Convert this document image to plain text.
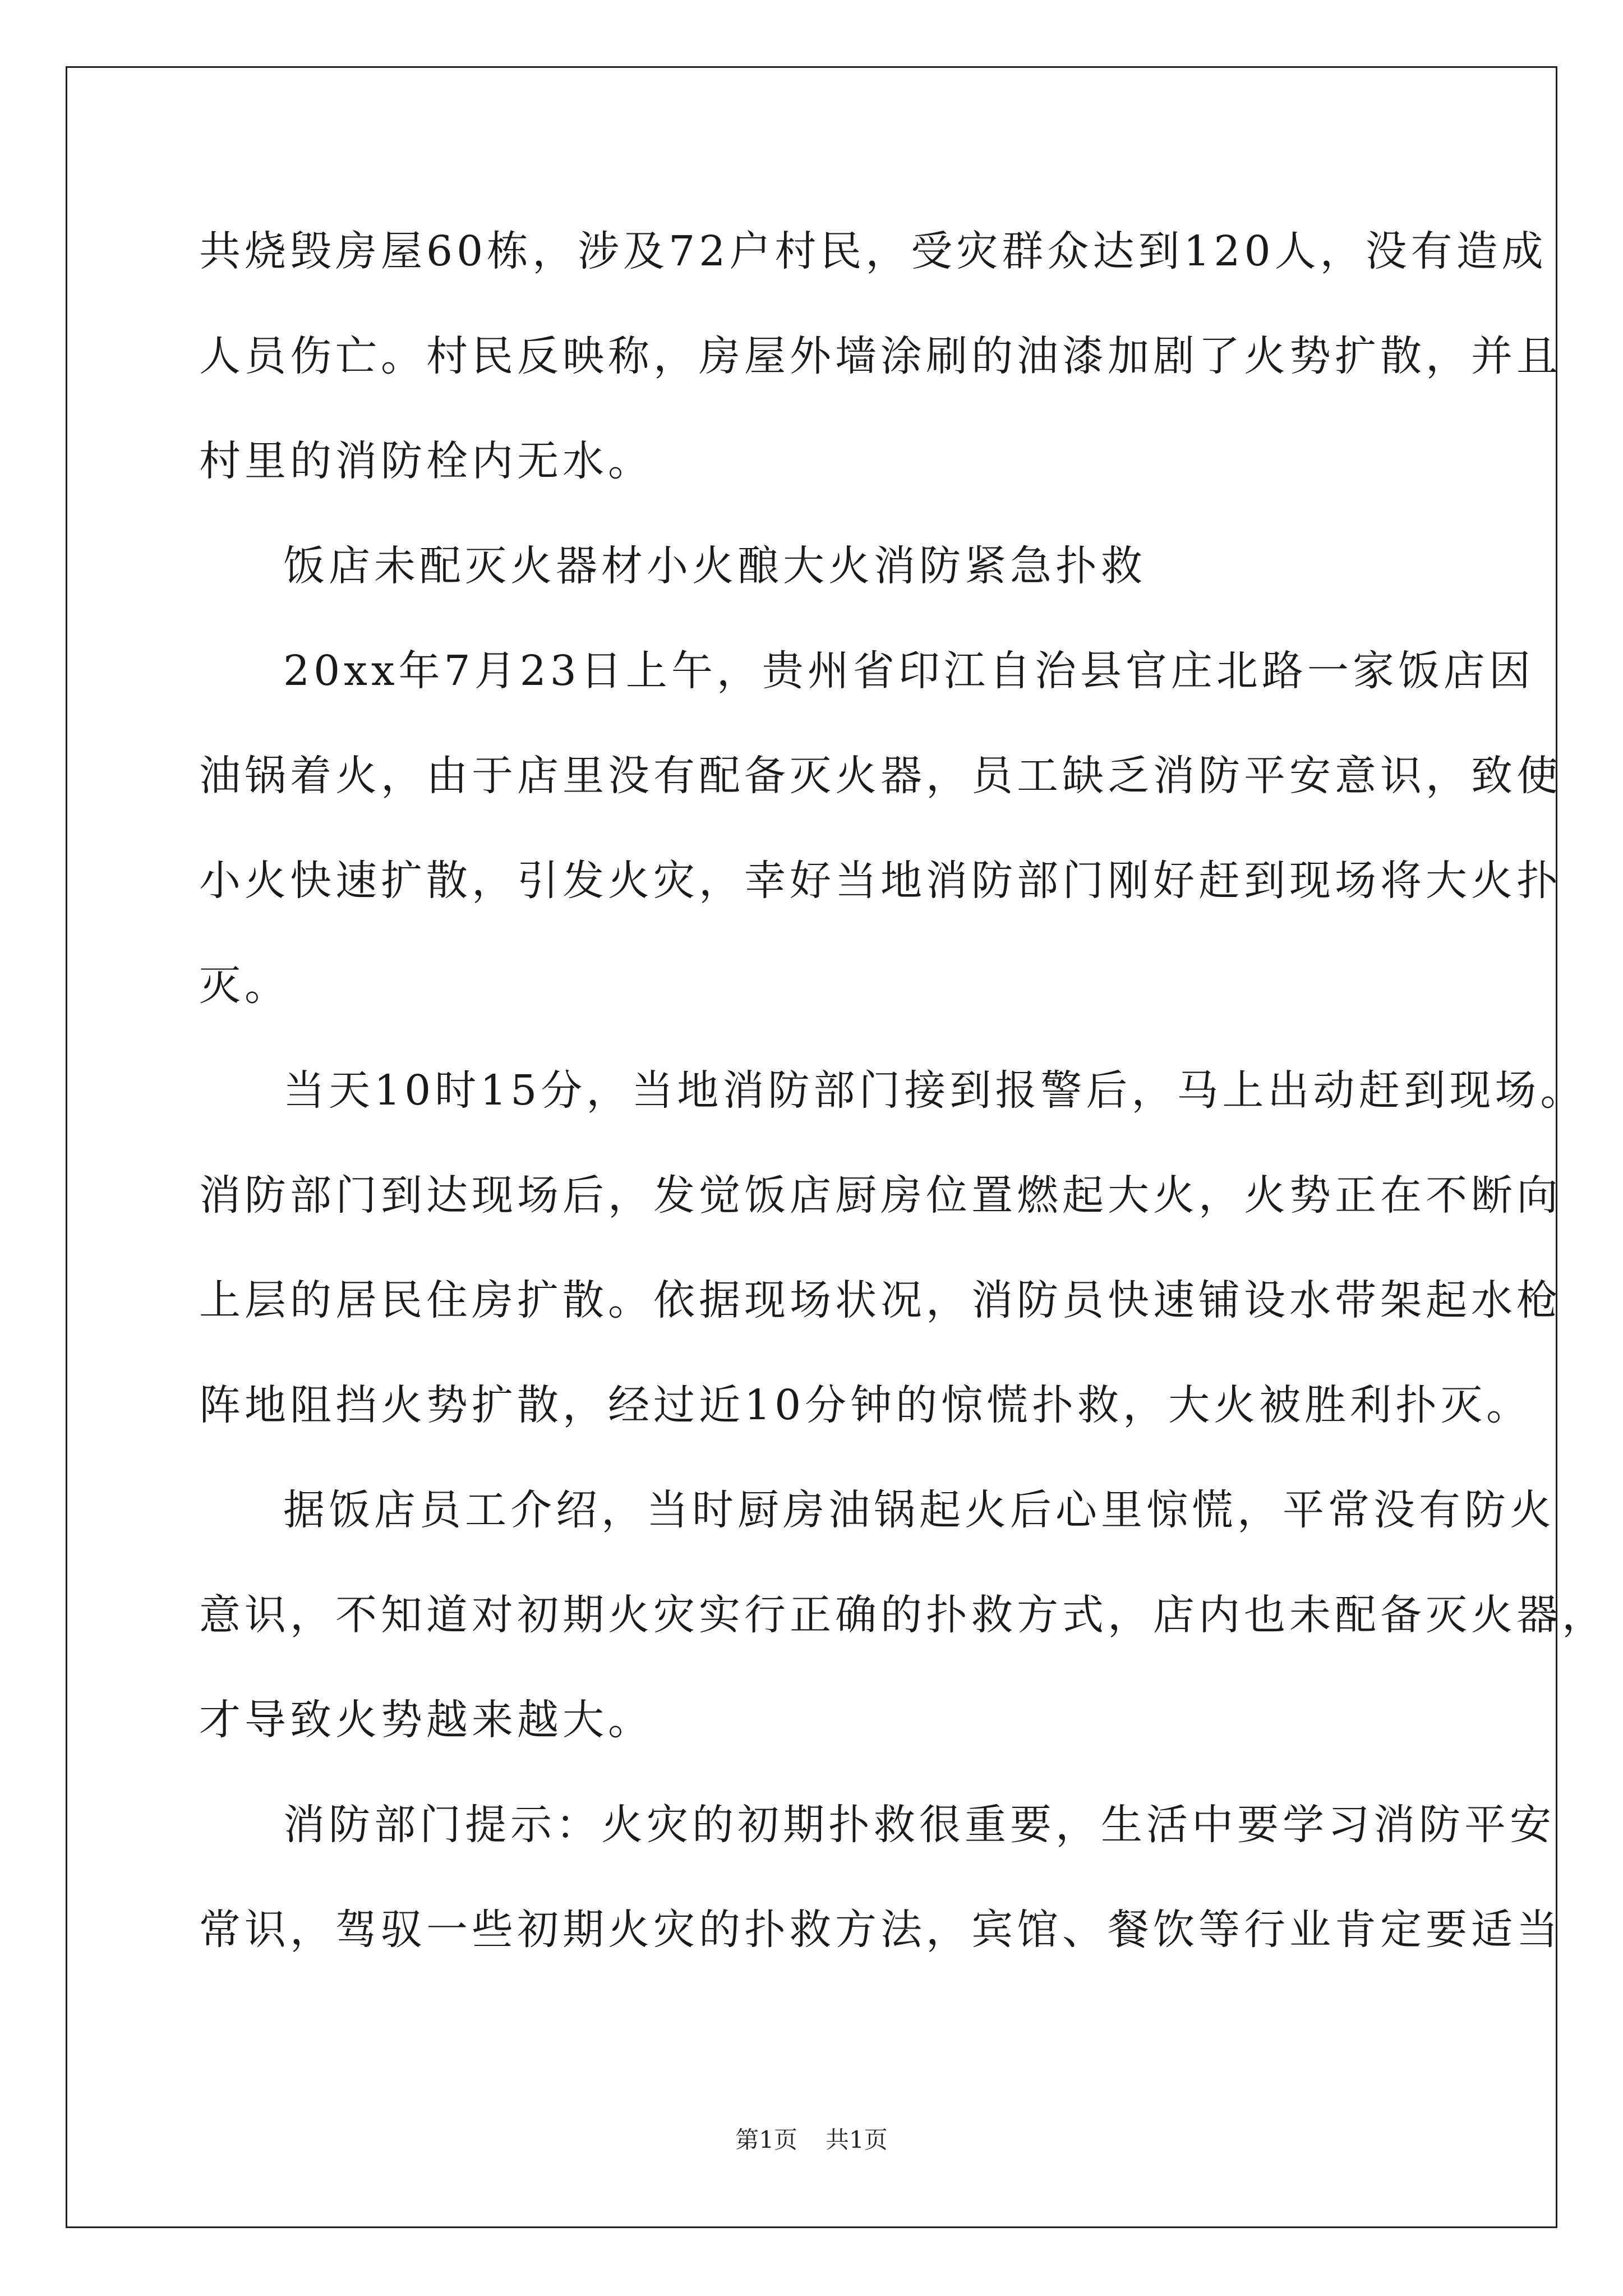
共烧毁房屋60栋，涉及72户村民，受灾群众达到120人，没有造成
人员伤亡。村民反映称，房屋外墙涂刷的油漆加剧了火势扩散，并且
村里的消防栓内无水。
饭店未配灭火器材小火酿大火消防紧急扑救
20xx年7月23日上午，贵州省印江自治县官庄北路一家饭店因
油锅着火，由于店里没有配备灭火器，员工缺乏消防平安意识，致使
小火快速扩散，引发火灾，幸好当地消防部门刚好赶到现场将大火扑
灭。
当天10时15分，当地消防部门接到报警后，马上出动赶到现场。
消防部门到达现场后，发觉饭店厨房位置燃起大火，火势正在不断向
上层的居民住房扩散。依据现场状况，消防员快速铺设水带架起水枪
阵地阻挡火势扩散，经过近10分钟的惊慌扑救，大火被胜利扑灭。
据饭店员工介绍，当时厨房油锅起火后心里惊慌，平常没有防火
意识，不知道对初期火灾实行正确的扑救方式，店内也未配备灭火器，
才导致火势越来越大。
消防部门提示：火灾的初期扑救很重要，生活中要学习消防平安
常识，驾驭一些初期火灾的扑救方法，宾馆、餐饮等行业肯定要适当
第1页 共1页
